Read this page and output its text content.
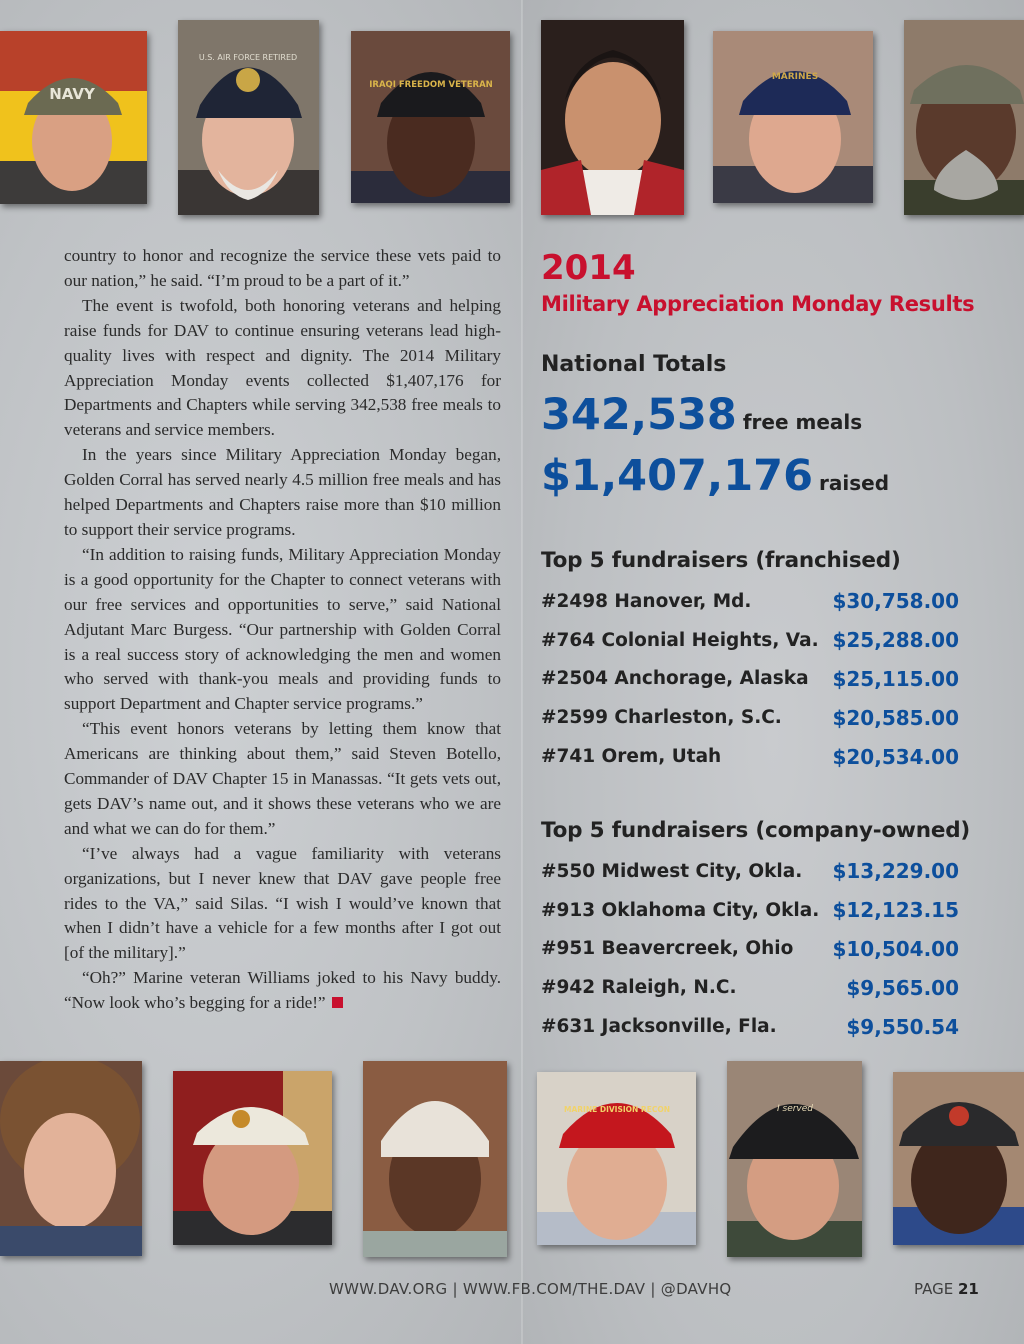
NAVY
U.S. AIR FORCE RETIRED
IRAQI FREEDOM VETERAN
MARINES

country to honor and recognize the service these vets paid to our nation,” he said. “I’m proud to be a part of it.”

The event is twofold, both honoring veterans and helping raise funds for DAV to continue ensuring veterans lead high-quality lives with respect and dignity. The 2014 Military Appreciation Monday events collected $1,407,176 for Departments and Chapters while serving 342,538 free meals to veterans and service members.

In the years since Military Appreciation Monday began, Golden Corral has served nearly 4.5 million free meals and has helped Departments and Chapters raise more than $10 million to support their service programs.

“In addition to raising funds, Military Appreciation Monday is a good opportunity for the Chapter to connect veterans with our free services and opportunities to serve,” said National Adjutant Marc Burgess. “Our partnership with Golden Corral is a real success story of acknowledging the men and women who served with thank-you meals and providing funds to support Department and Chapter service programs.”

“This event honors veterans by letting them know that Americans are thinking about them,” said Steven Botello, Commander of DAV Chapter 15 in Manassas. “It gets vets out, gets DAV’s name out, and it shows these veterans who we are and what we can do for them.”

“I’ve always had a vague familiarity with veterans organizations, but I never knew that DAV gave people free rides to the VA,” said Silas. “I wish I would’ve known that when I didn’t have a vehicle for a few months after I got out [of the military].”

“Oh?” Marine veteran Williams joked to his Navy buddy. “Now look who’s begging for a ride!”

2014
Military Appreciation Monday Results
National Totals
342,538 free meals
$1,407,176 raised
Top 5 fundraisers (franchised)
#2498 Hanover, Md.	$30,758.00
#764 Colonial Heights, Va. $25,288.00
#2504 Anchorage, Alaska $25,115.00
#2599 Charleston, S.C.	$20,585.00
#741 Orem, Utah	$20,534.00
Top 5 fundraisers (company-owned)
#550 Midwest City, Okla. $13,229.00
#913 Oklahoma City, Okla. $12,123.15
#951 Beavercreek, Ohio $10,504.00
#942 Raleigh, N.C.	$9,565.00
#631 Jacksonville, Fla.	$9,550.54
MARINE DIVISION RECON	I served
WWW.DAV.ORG | WWW.FB.COM/THE.DAV | @DAVHQ	PAGE 21
